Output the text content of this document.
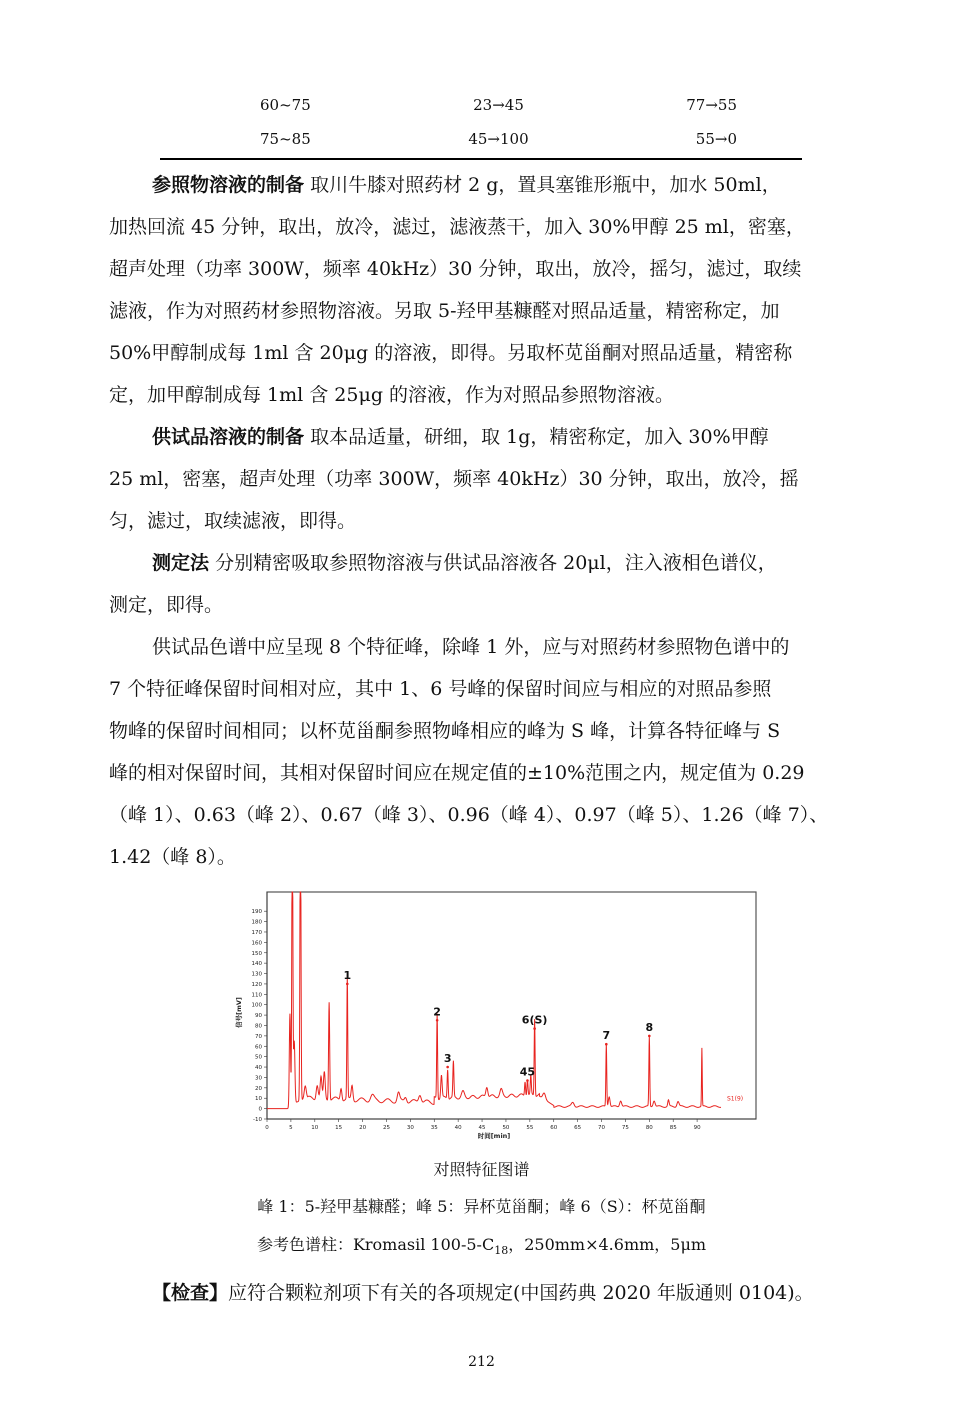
60~75	23→45	77→55
75~85	45→100	55→0

参照物溶液的制备 取川牛膝对照药材 2 g，置具塞锥形瓶中，加水 50ml，

加热回流 45 分钟，取出，放冷，滤过，滤液蒸干，加入 30%甲醇 25 ml，密塞，

超声处理（功率 300W，频率 40kHz）30 分钟，取出，放冷，摇匀，滤过，取续

滤液，作为对照药材参照物溶液。另取 5-羟甲基糠醛对照品适量，精密称定，加

50%甲醇制成每 1ml 含 20μg 的溶液，即得。另取杯苋甾酮对照品适量，精密称

定，加甲醇制成每 1ml 含 25μg 的溶液，作为对照品参照物溶液。

供试品溶液的制备 取本品适量，研细，取 1g，精密称定，加入 30%甲醇

25 ml，密塞，超声处理（功率 300W，频率 40kHz）30 分钟，取出，放冷，摇

匀，滤过，取续滤液，即得。

测定法 分别精密吸取参照物溶液与供试品溶液各 20μl，注入液相色谱仪，

测定，即得。

供试品色谱中应呈现 8 个特征峰，除峰 1 外，应与对照药材参照物色谱中的

7 个特征峰保留时间相对应，其中 1、6 号峰的保留时间应与相应的对照品参照

物峰的保留时间相同；以杯苋甾酮参照物峰相应的峰为 S 峰，计算各特征峰与 S

峰的相对保留时间，其相对保留时间应在规定值的±10%范围之内，规定值为 0.29

（峰 1）、0.63（峰 2）、0.67（峰 3）、0.96（峰 4）、0.97（峰 5）、1.26（峰 7）、

1.42（峰 8）。

-10
0
10
20
30
40
50
60
70
80
90
100
110
120
130
140
150
160
170
180
190
0	5	10	15	20	25	30	35	40	45	50	55	60	65	70	75	80	85	90
时间[min]
信号[mV]
S1(9)
1
2
3
45
6(S)
7
8
对照特征图谱
峰 1：5-羟甲基糠醛；峰 5：异杯苋甾酮；峰 6（S）：杯苋甾酮
参考色谱柱：Kromasil $100-5-C_{18}$，250mm×4.6mm，5μm
【检查】应符合颗粒剂项下有关的各项规定(中国药典 2020 年版通则 0104)。
212
